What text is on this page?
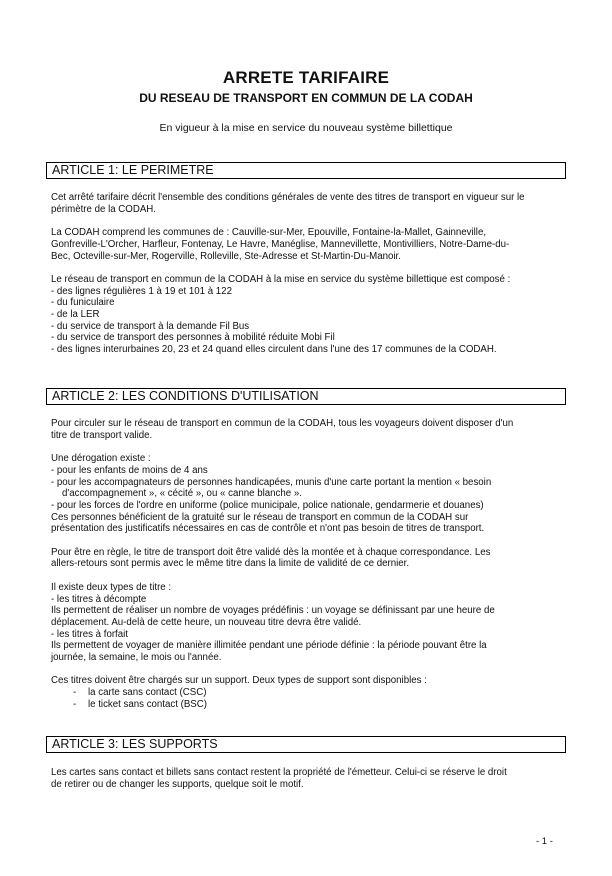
ARRETE TARIFAIRE
DU RESEAU DE TRANSPORT EN COMMUN DE LA CODAH
En vigueur à la mise en service du nouveau système billettique
ARTICLE 1: LE PERIMETRE

Cet arrêté tarifaire décrit l'ensemble des conditions générales de vente des titres de transport en vigueur sur le périmètre de la CODAH.

La CODAH comprend les communes de : Cauville-sur-Mer, Epouville, Fontaine-la-Mallet, Gainneville,

Gonfreville-L'Orcher, Harfleur, Fontenay, Le Havre, Manéglise, Mannevillette, Montivilliers, Notre-Dame-du-

Bec, Octeville-sur-Mer, Rogerville, Rolleville, Ste-Adresse et St-Martin-Du-Manoir.

Le réseau de transport en commun de la CODAH à la mise en service du système billettique est composé :

- des lignes régulières 1 à 19 et 101 à 122

- du funiculaire

- de la LER

- du service de transport à la demande Fil Bus

- du service de transport des personnes à mobilité réduite Mobi Fil

- des lignes interurbaines 20, 23 et 24 quand elles circulent dans l'une des 17 communes de la CODAH.

ARTICLE 2: LES CONDITIONS D'UTILISATION

Pour circuler sur le réseau de transport en commun de la CODAH, tous les voyageurs doivent disposer d'un

titre de transport valide.

Une dérogation existe :

- pour les enfants de moins de 4 ans

- pour les accompagnateurs de personnes handicapées, munis d'une carte portant la mention « besoin

d'accompagnement », « cécité », ou « canne blanche ».

- pour les forces de l'ordre en uniforme (police municipale, police nationale, gendarmerie et douanes)

Ces personnes bénéficient de la gratuité sur le réseau de transport en commun de la CODAH sur

présentation des justificatifs nécessaires en cas de contrôle et n'ont pas besoin de titres de transport.

Pour être en règle, le titre de transport doit être validé dès la montée et à chaque correspondance. Les

allers-retours sont permis avec le même titre dans la limite de validité de ce dernier.

Il existe deux types de titre :

- les titres à décompte

Ils permettent de réaliser un nombre de voyages prédéfinis : un voyage se définissant par une heure de

déplacement. Au-delà de cette heure, un nouveau titre devra être validé.

- les titres à forfait

Ils permettent de voyager de manière illimitée pendant une période définie : la période pouvant être la

journée, la semaine, le mois ou l'année.

Ces titres doivent être chargés sur un support. Deux types de support sont disponibles :

- la carte sans contact (CSC)

- le ticket sans contact (BSC)

ARTICLE 3: LES SUPPORTS

Les cartes sans contact et billets sans contact restent la propriété de l'émetteur. Celui-ci se réserve le droit

de retirer ou de changer les supports, quelque soit le motif.

- 1 -
